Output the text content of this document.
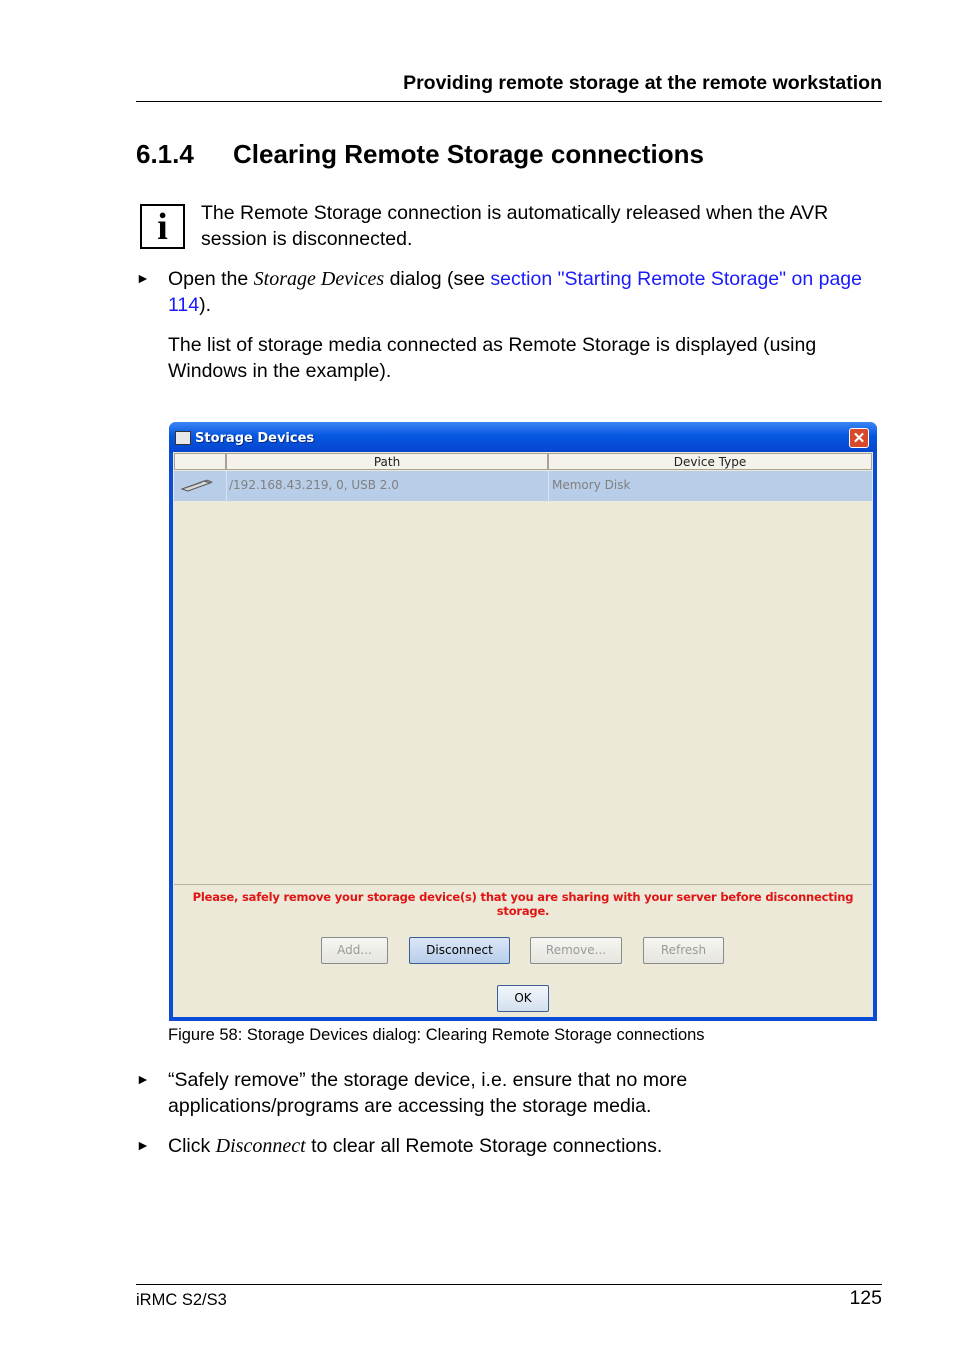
Providing remote storage at the remote workstation
6.1.4 Clearing Remote Storage connections
i The Remote Storage connection is automatically released when the AVR session is disconnected.
► Open the Storage Devices dialog (see section "Starting Remote Storage" on page 114).
The list of storage media connected as Remote Storage is displayed (using Windows in the example).
Storage Devices	✕
Path	Device Type
/192.168.43.219, 0, USB 2.0	Memory Disk
Please, safely remove your storage device(s) that you are sharing with your server before disconnecting storage.
Add...	Disconnect	Remove...	Refresh
OK
Figure 58: Storage Devices dialog: Clearing Remote Storage connections
► “Safely remove” the storage device, i.e. ensure that no more applications/programs are accessing the storage media.
► Click Disconnect to clear all Remote Storage connections.
iRMC S2/S3	125
